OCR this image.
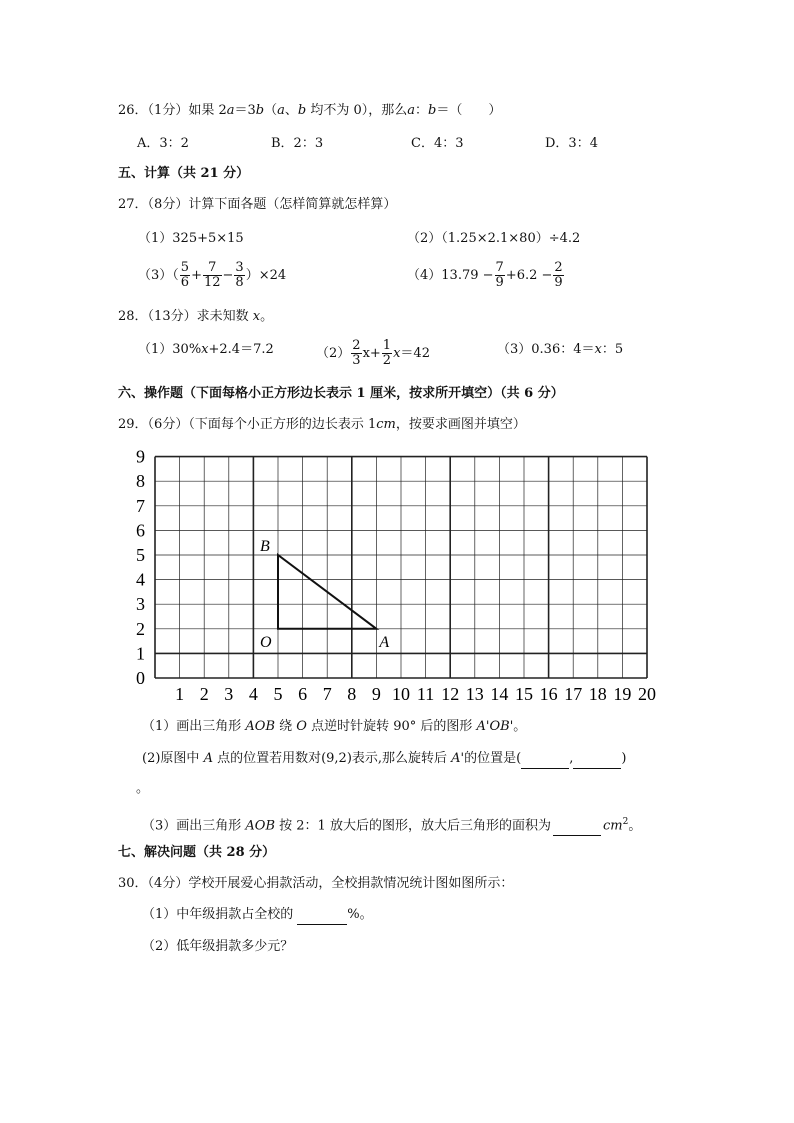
26．（1分）如果 2a＝3b（a、b 均不为 0），那么a：b＝（　　）
A．3：2	B．2：3	C．4：3	D．3：4
五、计算（共 21 分）
27．（8分）计算下面各题（怎样简算就怎样算）
（1）325+5×15	（2）（1.25×2.1×80）÷4.2
$(3)( \frac{5}{6} + \frac{7}{12} - \frac{3}{8} )\times 24$	$(4)13.79 - \frac{7}{9} +6.2 - \frac{2}{9}$
28．（13分）求未知数 x。
（1）30%x+2.4＝7.2	$(2) \frac{2}{3} x+ \frac{1}{2} x=42$	（3）0.36：4＝x：5
六、操作题（下面每格小正方形边长表示 1 厘米，按求所开填空）（共 6 分）
29．（6分）（下面每个小正方形的边长表示 1cm，按要求画图并填空）
0
1
2
3
4
5
6
7
8
9
1 2 3 4 5 6 7 8 9 10 11 12 13 14 15 16 17 18 19 20
B
O	A
（1）画出三角形 AOB 绕 O 点逆时针旋转 90° 后的图形 A'OB'。
(2)原图中 A 点的位置若用数对(9,2)表示,那么旋转后 A'的位置是(	,	)
。
（3）画出三角形 AOB 按 2：1 放大后的图形，放大后三角形的面积为	$cm^2$。
七、解决问题（共 28 分）
30．（4分）学校开展爱心捐款活动，全校捐款情况统计图如图所示：
（1）中年级捐款占全校的	%。
（2）低年级捐款多少元？
